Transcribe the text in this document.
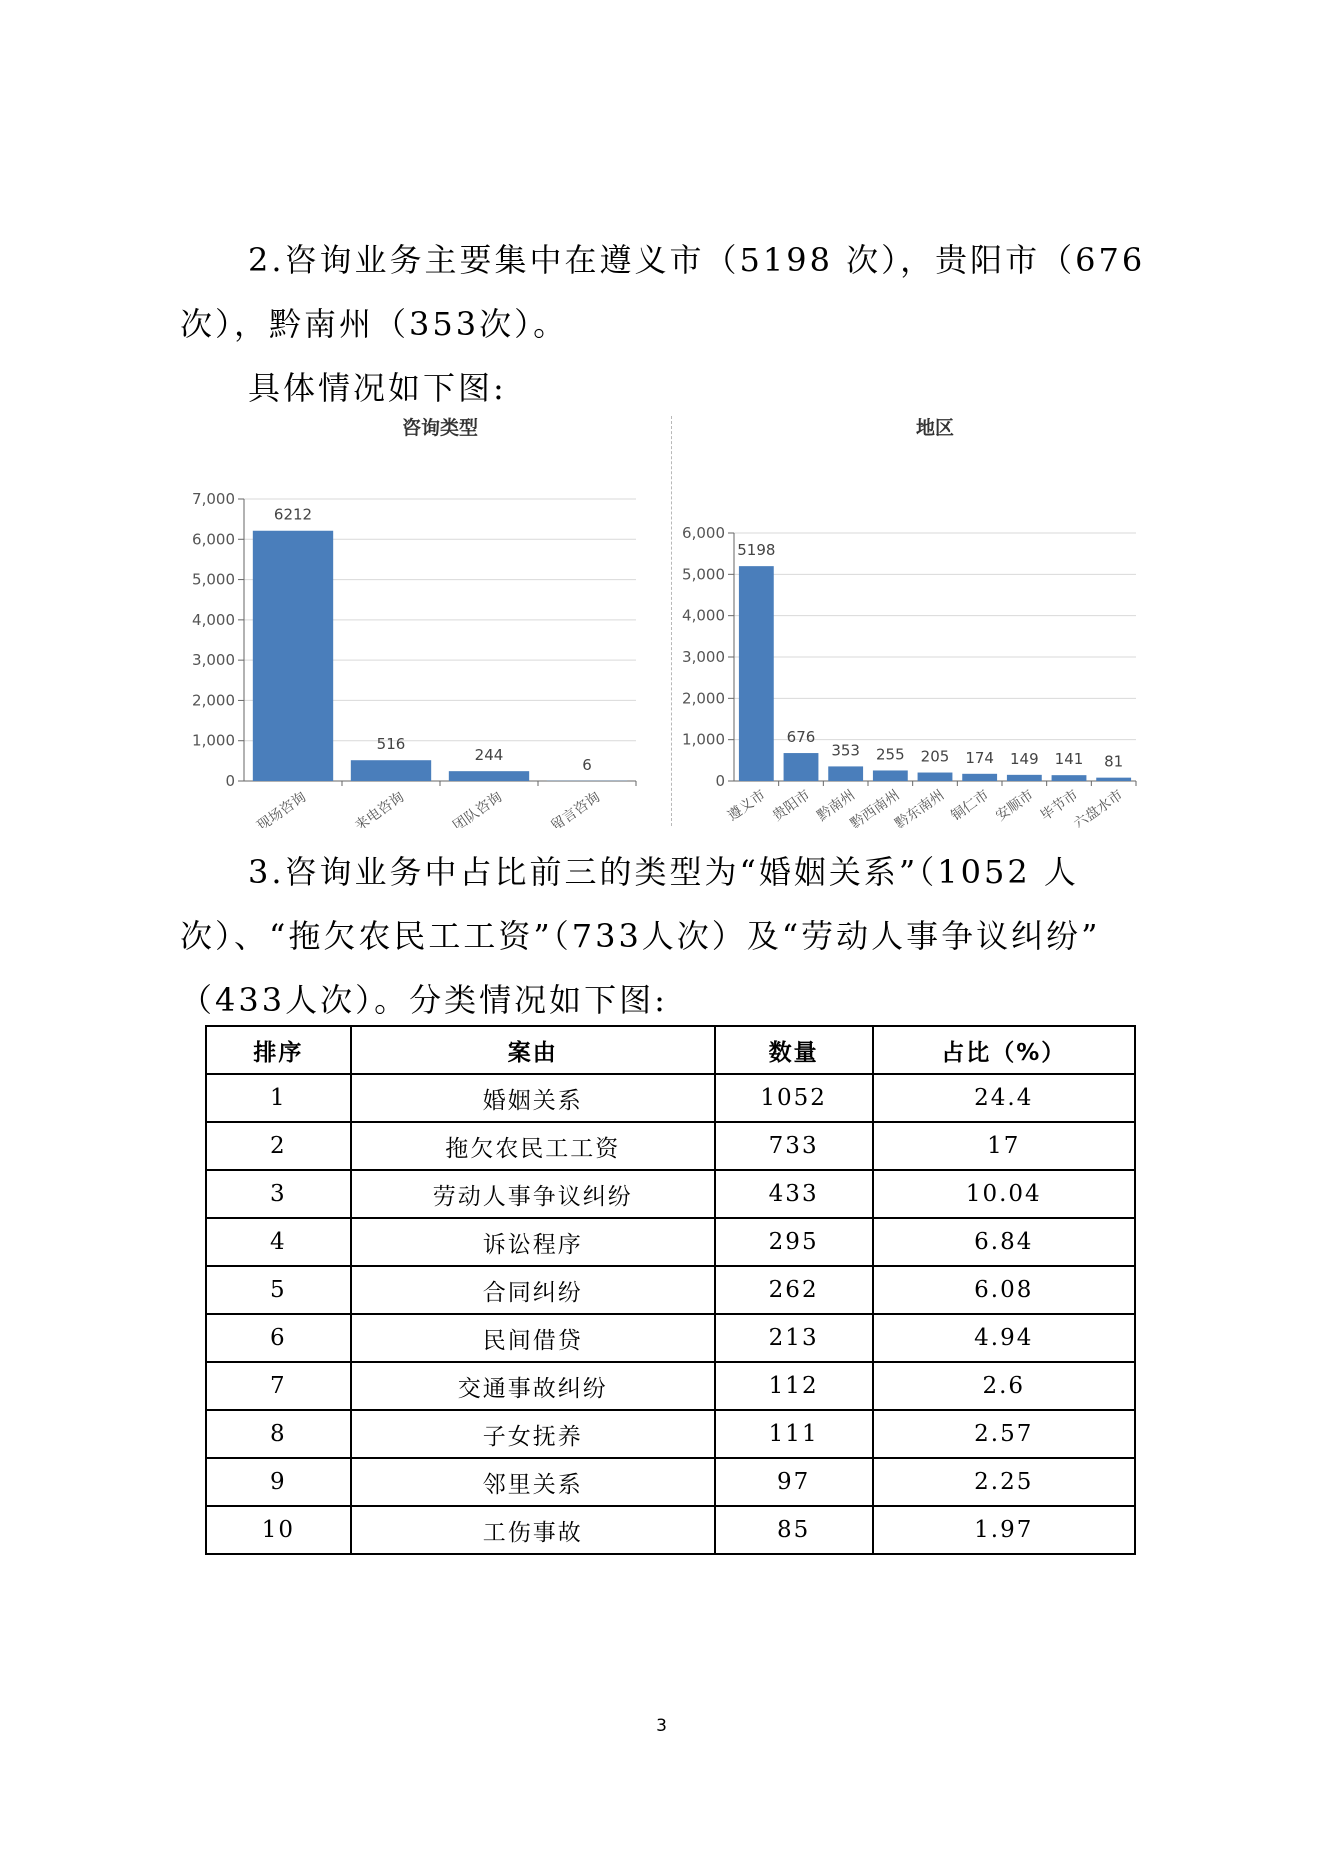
2.咨询业务主要集中在遵义市（5198 次），贵阳市（676
次），黔南州（353次）。

具体情况如下图:

咨询类型
0
1,000
2,000
3,000
4,000
5,000
6,000
7,000
6212
现场咨询
516
来电咨询
244
团队咨询
6
留言咨询
地区
0
1,000
2,000
3,000
4,000
5,000
6,000
5198
遵义市
676
贵阳市
353
黔南州
255
黔西南州
205
黔东南州
174
铜仁市
149
安顺市
141
毕节市
81
六盘水市

3.咨询业务中占比前三的类型为“婚姻关系”（1052 人
次）、“拖欠农民工工资”（733人次）及“劳动人事争议纠纷”
（433人次）。分类情况如下图:

排序	案由	数量	占比（%）
1	婚姻关系	1052	24.4
2	拖欠农民工工资	733	17
3	劳动人事争议纠纷	433	10.04
4	诉讼程序	295	6.84
5	合同纠纷	262	6.08
6	民间借贷	213	4.94
7	交通事故纠纷	112	2.6
8	子女抚养	111	2.57
9	邻里关系	97	2.25
10	工伤事故	85	1.97
3
